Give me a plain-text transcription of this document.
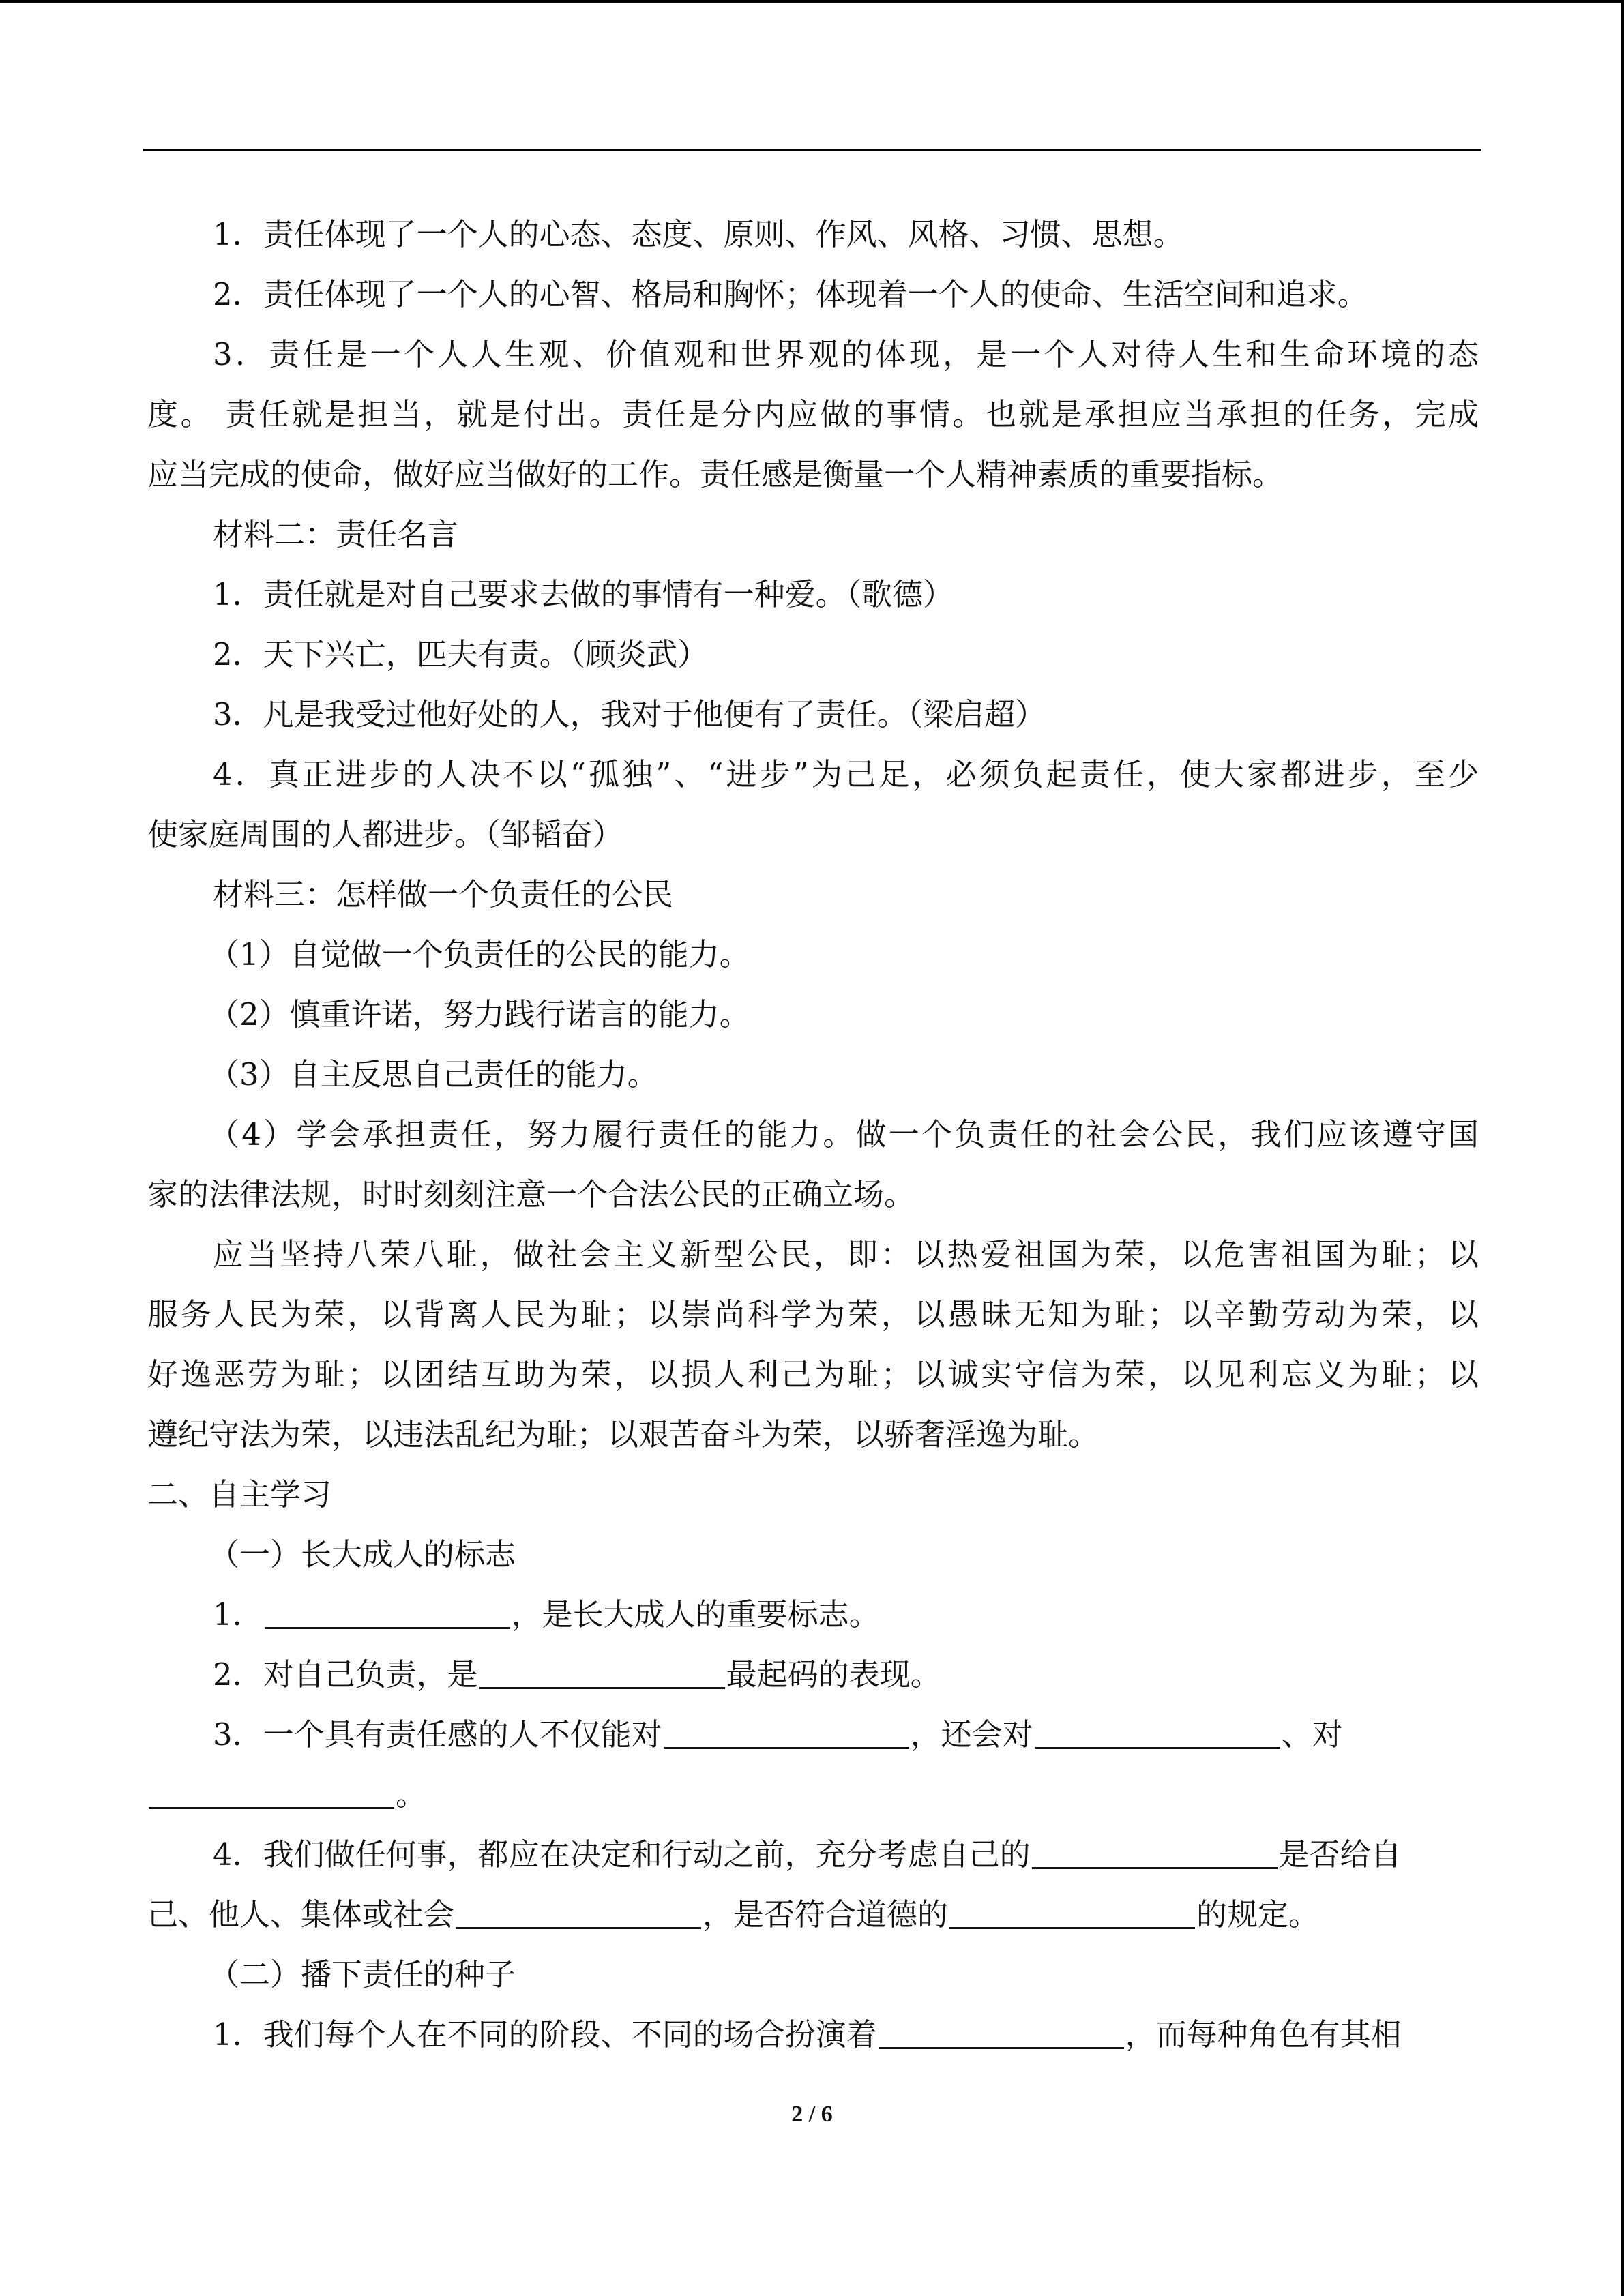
1．责任体现了一个人的心态、态度、原则、作风、风格、习惯、思想。
2．责任体现了一个人的心智、格局和胸怀；体现着一个人的使命、生活空间和追求。
3．责任是一个人人生观、价值观和世界观的体现，是一个人对待人生和生命环境的态
度。 责任就是担当，就是付出。责任是分内应做的事情。也就是承担应当承担的任务，完成
应当完成的使命，做好应当做好的工作。责任感是衡量一个人精神素质的重要指标。
材料二：责任名言
1．责任就是对自己要求去做的事情有一种爱。（歌德）
2．天下兴亡，匹夫有责。（顾炎武）
3．凡是我受过他好处的人，我对于他便有了责任。（梁启超）
4．真正进步的人决不以“孤独”、“进步”为己足，必须负起责任，使大家都进步，至少
使家庭周围的人都进步。（邹韬奋）
材料三：怎样做一个负责任的公民
（1）自觉做一个负责任的公民的能力。
（2）慎重许诺，努力践行诺言的能力。
（3）自主反思自己责任的能力。
（4）学会承担责任，努力履行责任的能力。做一个负责任的社会公民，我们应该遵守国
家的法律法规，时时刻刻注意一个合法公民的正确立场。
应当坚持八荣八耻，做社会主义新型公民，即：以热爱祖国为荣，以危害祖国为耻；以
服务人民为荣，以背离人民为耻；以崇尚科学为荣，以愚昧无知为耻；以辛勤劳动为荣，以
好逸恶劳为耻；以团结互助为荣，以损人利己为耻；以诚实守信为荣，以见利忘义为耻；以
遵纪守法为荣，以违法乱纪为耻；以艰苦奋斗为荣，以骄奢淫逸为耻。
二、自主学习
（一）长大成人的标志
1．	，是长大成人的重要标志。
2．对自己负责，是	最起码的表现。
3．一个具有责任感的人不仅能对	，还会对	、对
。
4．我们做任何事，都应在决定和行动之前，充分考虑自己的	是否给自
己、他人、集体或社会	，是否符合道德的	的规定。
（二）播下责任的种子
1．我们每个人在不同的阶段、不同的场合扮演着	，而每种角色有其相
2 / 6
